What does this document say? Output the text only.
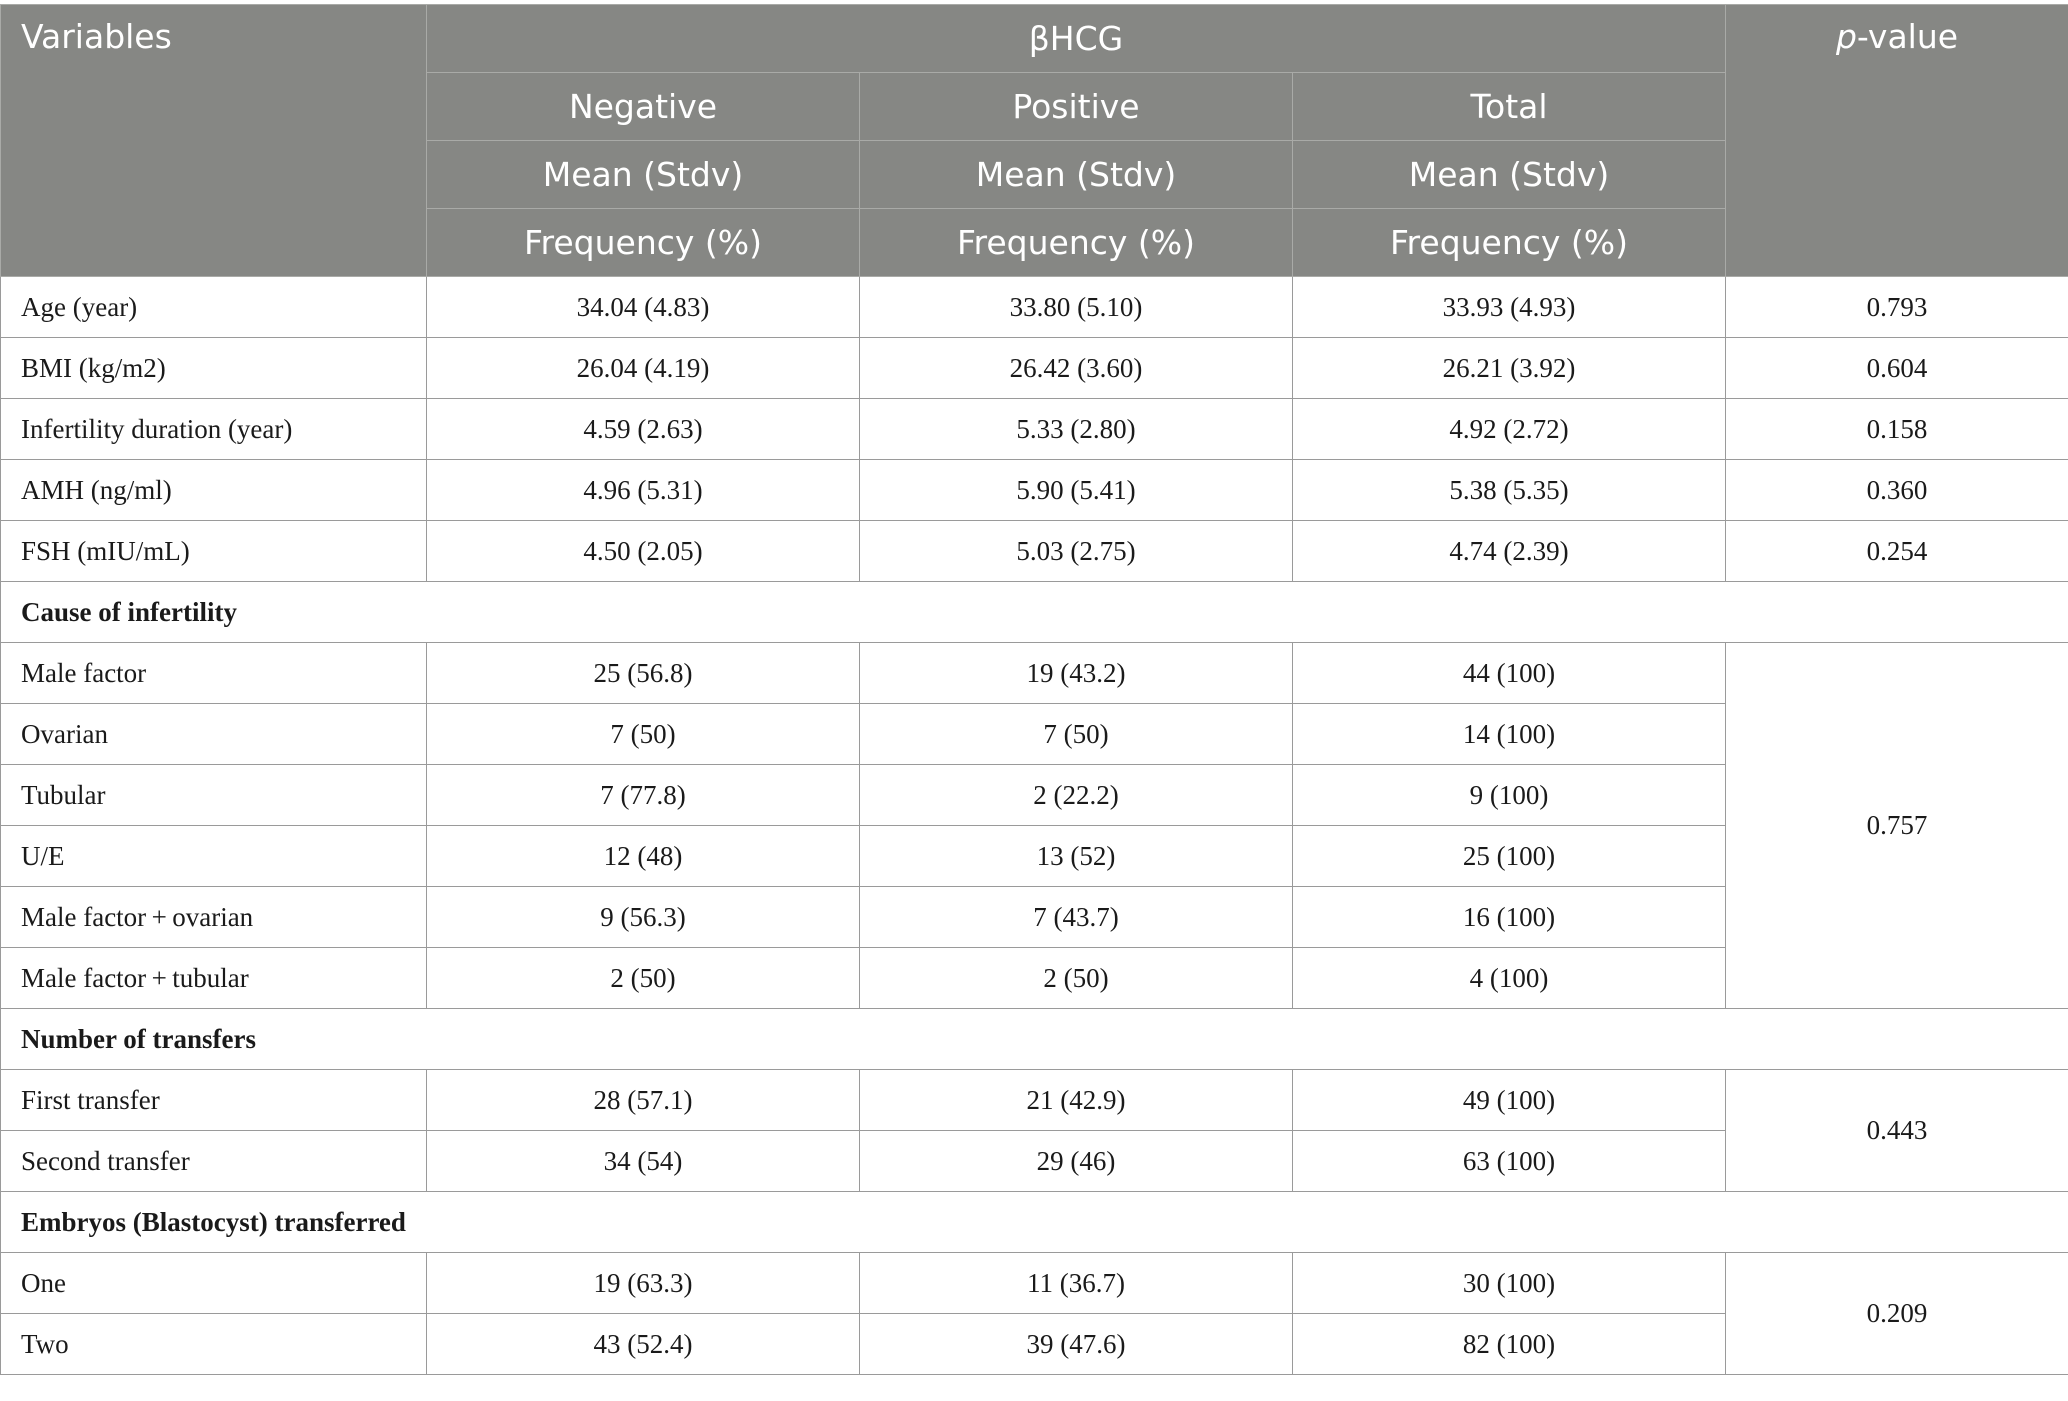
Variables	βHCG			p-value
	Negative	Positive	Total	
	Mean (Stdv)	Mean (Stdv)	Mean (Stdv)	
	Frequency (%)	Frequency (%)	Frequency (%)	
Age (year)	34.04 (4.83)	33.80 (5.10)	33.93 (4.93)	0.793
BMI (kg/m2)	26.04 (4.19)	26.42 (3.60)	26.21 (3.92)	0.604
Infertility duration (year)	4.59 (2.63)	5.33 (2.80)	4.92 (2.72)	0.158
AMH (ng/ml)	4.96 (5.31)	5.90 (5.41)	5.38 (5.35)	0.360
FSH (mIU/mL)	4.50 (2.05)	5.03 (2.75)	4.74 (2.39)	0.254
Cause of infertility				
Male factor	25 (56.8)	19 (43.2)	44 (100)	0.757
Ovarian	7 (50)	7 (50)	14 (100)	
Tubular	7 (77.8)	2 (22.2)	9 (100)	
U/E	12 (48)	13 (52)	25 (100)	
Male factor + ovarian	9 (56.3)	7 (43.7)	16 (100)	
Male factor + tubular	2 (50)	2 (50)	4 (100)	
Number of transfers				
First transfer	28 (57.1)	21 (42.9)	49 (100)	0.443
Second transfer	34 (54)	29 (46)	63 (100)	
Embryos (Blastocyst) transferred				
One	19 (63.3)	11 (36.7)	30 (100)	0.209
Two	43 (52.4)	39 (47.6)	82 (100)	
